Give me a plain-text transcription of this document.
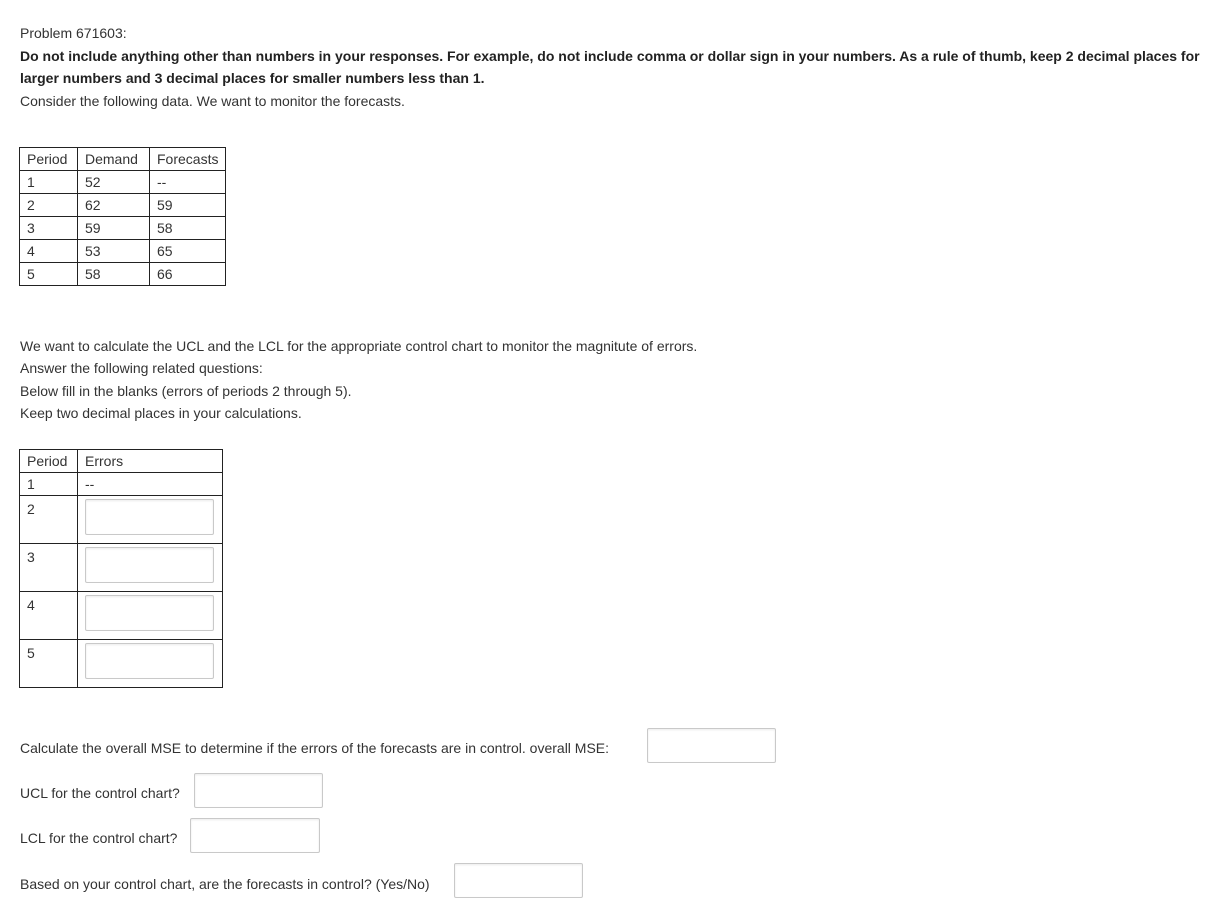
Problem 671603:
Do not include anything other than numbers in your responses. For example, do not include comma or dollar sign in your numbers. As a rule of thumb, keep 2 decimal places for
larger numbers and 3 decimal places for smaller numbers less than 1.
Consider the following data. We want to monitor the forecasts.
Period	Demand	Forecasts
1	52	--
2	62	59
3	59	58
4	53	65
5	58	66
We want to calculate the UCL and the LCL for the appropriate control chart to monitor the magnitute of errors.
Answer the following related questions:
Below fill in the blanks (errors of periods 2 through 5).
Keep two decimal places in your calculations.
Period	Errors
1	--
2	

3	

4	

5	
Calculate the overall MSE to determine if the errors of the forecasts are in control. overall MSE:
UCL for the control chart?
LCL for the control chart?
Based on your control chart, are the forecasts in control? (Yes/No)
